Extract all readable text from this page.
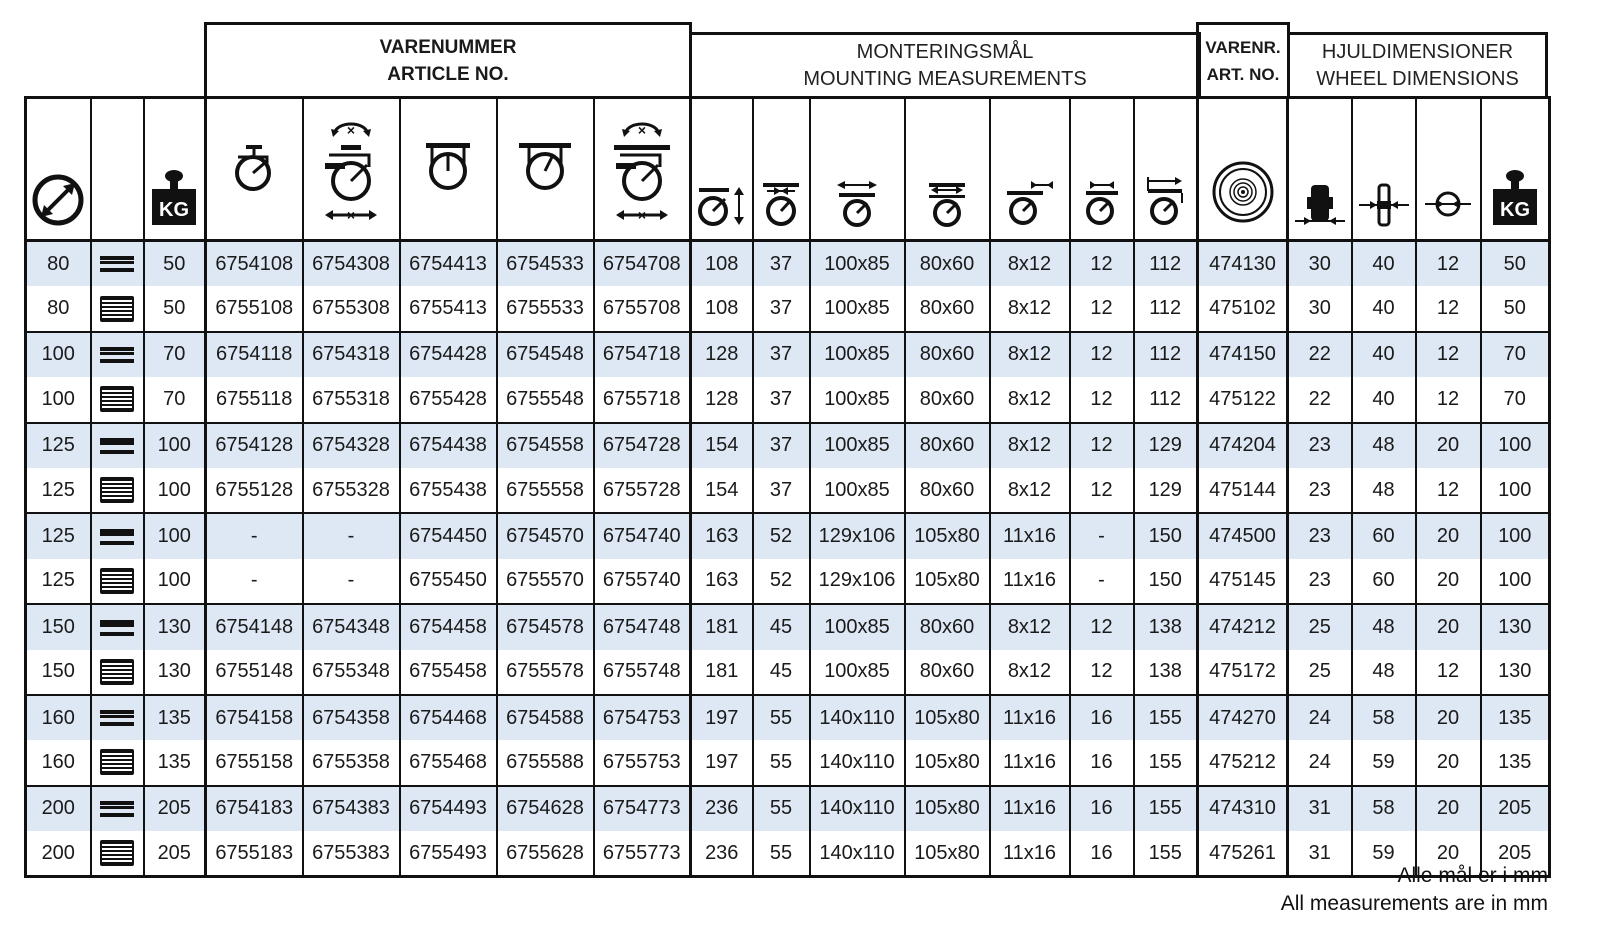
VARENUMMER
ARTICLE NO.
MONTERINGSMÅL
MOUNTING MEASUREMENTS
VARENR.
ART. NO.
HJULDIMENSIONER
WHEEL DIMENSIONS

KG		×
×			×
×												KG

80		50	6754108	6754308	6754413	6754533	6754708	108	37	100x85	80x60	8x12	12	112	474130	30	40	12	50
80		50	6755108	6755308	6755413	6755533	6755708	108	37	100x85	80x60	8x12	12	112	475102	30	40	12	50
100		70	6754118	6754318	6754428	6754548	6754718	128	37	100x85	80x60	8x12	12	112	474150	22	40	12	70
100		70	6755118	6755318	6755428	6755548	6755718	128	37	100x85	80x60	8x12	12	112	475122	22	40	12	70
125		100	6754128	6754328	6754438	6754558	6754728	154	37	100x85	80x60	8x12	12	129	474204	23	48	20	100
125		100	6755128	6755328	6755438	6755558	6755728	154	37	100x85	80x60	8x12	12	129	475144	23	48	12	100
125		100	-	-	6754450	6754570	6754740	163	52	129x106	105x80	11x16	-	150	474500	23	60	20	100
125		100	-	-	6755450	6755570	6755740	163	52	129x106	105x80	11x16	-	150	475145	23	60	20	100
150		130	6754148	6754348	6754458	6754578	6754748	181	45	100x85	80x60	8x12	12	138	474212	25	48	20	130
150		130	6755148	6755348	6755458	6755578	6755748	181	45	100x85	80x60	8x12	12	138	475172	25	48	12	130
160		135	6754158	6754358	6754468	6754588	6754753	197	55	140x110	105x80	11x16	16	155	474270	24	58	20	135
160		135	6755158	6755358	6755468	6755588	6755753	197	55	140x110	105x80	11x16	16	155	475212	24	59	20	135
200		205	6754183	6754383	6754493	6754628	6754773	236	55	140x110	105x80	11x16	16	155	474310	31	58	20	205
200		205	6755183	6755383	6755493	6755628	6755773	236	55	140x110	105x80	11x16	16	155	475261	31	59	20	205
Alle mål er i mm
All measurements are in mm
